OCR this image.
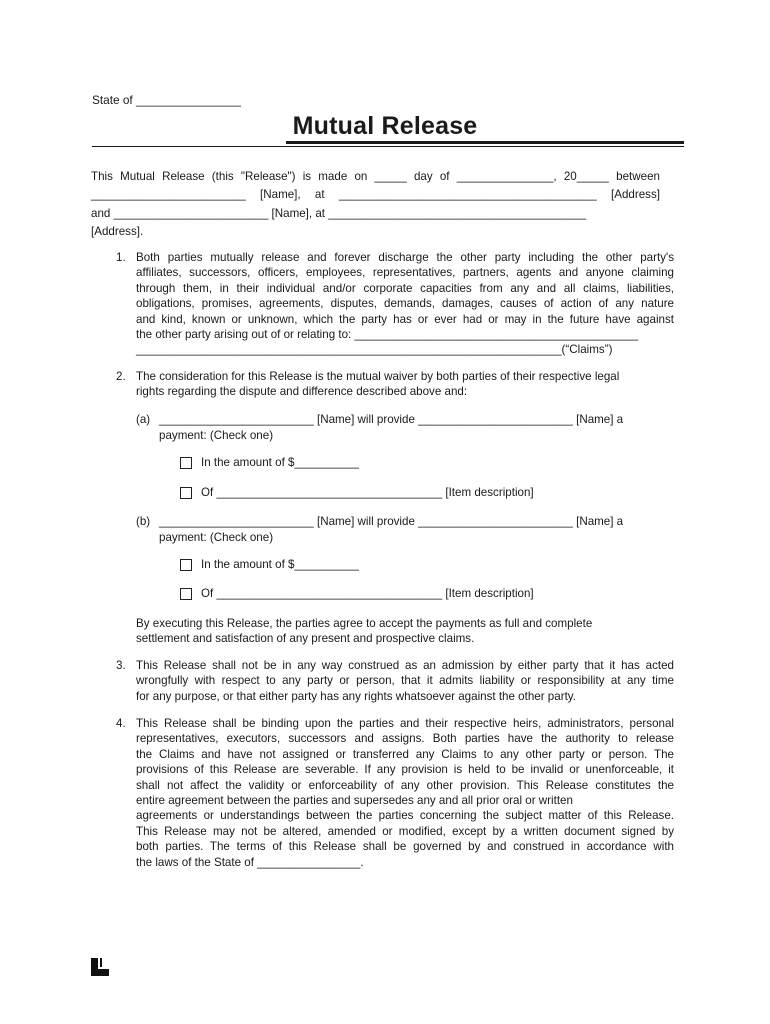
State of ________________
Mutual Release
This Mutual Release (this "Release") is made on _____ day of _______________, 20_____ between
________________________ [Name], at ________________________________________ [Address]
and ________________________ [Name], at ________________________________________
[Address].
1. Both parties mutually release and forever discharge the other party including the other party's
affiliates, successors, officers, employees, representatives, partners, agents and anyone claiming
through them, in their individual and/or corporate capacities from any and all claims, liabilities,
obligations, promises, agreements, disputes, demands, damages, causes of action of any nature
and kind, known or unknown, which the party has or ever had or may in the future have against
the other party arising out of or relating to: ____________________________________________
__________________________________________________________________(“Claims”)
2. The consideration for this Release is the mutual waiver by both parties of their respective legal
rights regarding the dispute and difference described above and:
(a) ________________________ [Name] will provide ________________________ [Name] a
payment: (Check one)
In the amount of $__________
Of ___________________________________ [Item description]
(b) ________________________ [Name] will provide ________________________ [Name] a
payment: (Check one)
In the amount of $__________
Of ___________________________________ [Item description]
By executing this Release, the parties agree to accept the payments as full and complete
settlement and satisfaction of any present and prospective claims.
3. This Release shall not be in any way construed as an admission by either party that it has acted
wrongfully with respect to any party or person, that it admits liability or responsibility at any time
for any purpose, or that either party has any rights whatsoever against the other party.
4. This Release shall be binding upon the parties and their respective heirs, administrators, personal
representatives, executors, successors and assigns. Both parties have the authority to release
the Claims and have not assigned or transferred any Claims to any other party or person. The
provisions of this Release are severable. If any provision is held to be invalid or unenforceable, it
shall not affect the validity or enforceability of any other provision. This Release constitutes the
entire agreement between the parties and supersedes any and all prior oral or written
agreements or understandings between the parties concerning the subject matter of this Release.
This Release may not be altered, amended or modified, except by a written document signed by
both parties. The terms of this Release shall be governed by and construed in accordance with
the laws of the State of ________________.
